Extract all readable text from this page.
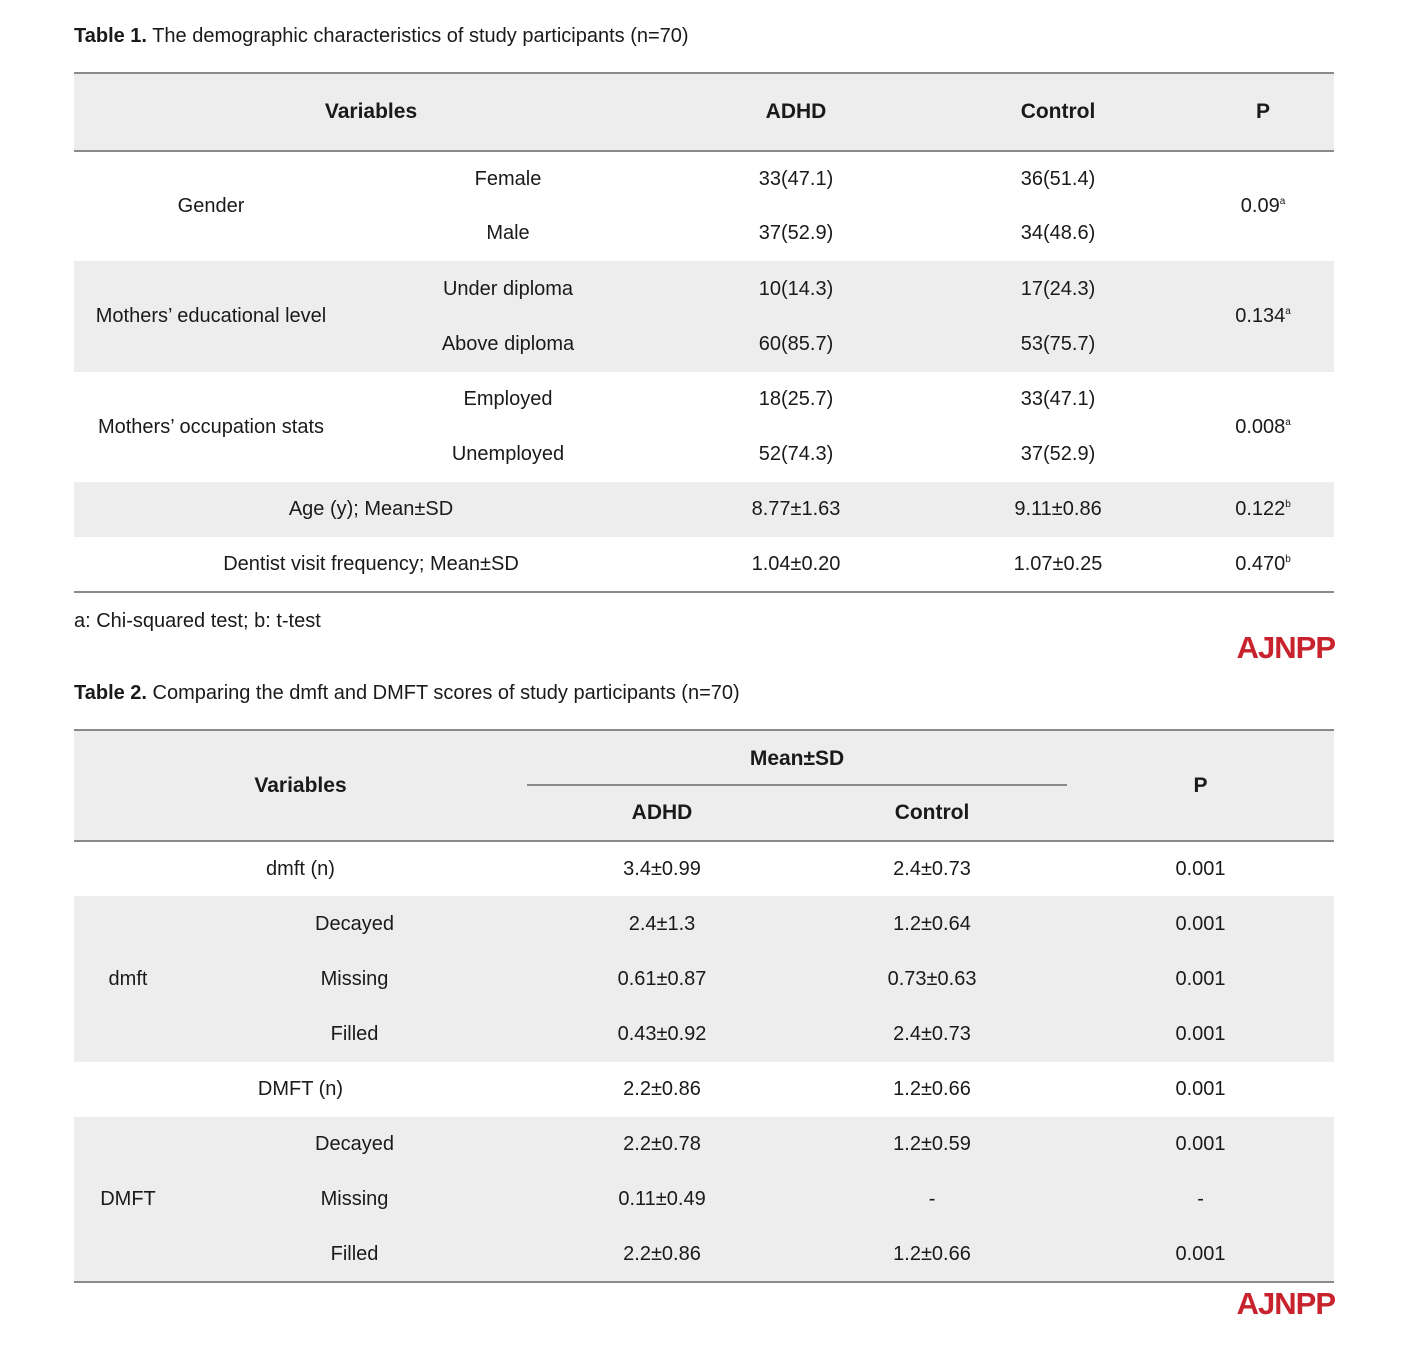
Table 1. The demographic characteristics of study participants (n=70)
Variables		ADHD	Control	P
Gender	Female	33(47.1)	36(51.4)	0.09$^a$
	Male	37(52.9)	34(48.6)	
Mothers’ educational level	Under diploma	10(14.3)	17(24.3)	0.134$^a$
	Above diploma	60(85.7)	53(75.7)	
Mothers’ occupation stats	Employed	18(25.7)	33(47.1)	0.008$^a$
	Unemployed	52(74.3)	37(52.9)	
Age (y); Mean±SD		8.77±1.63	9.11±0.86	0.122$^b$
Dentist visit frequency; Mean±SD		1.04±0.20	1.07±0.25	0.470$^b$
a: Chi-squared test; b: t-test
AJNPP
Table 2. Comparing the dmft and DMFT scores of study participants (n=70)
Variables		Mean±SD		P
		ADHD	Control	
dmft (n)		3.4±0.99	2.4±0.73	0.001
dmft	Decayed	2.4±1.3	1.2±0.64	0.001
	Missing	0.61±0.87	0.73±0.63	0.001
	Filled	0.43±0.92	2.4±0.73	0.001
DMFT (n)		2.2±0.86	1.2±0.66	0.001
DMFT	Decayed	2.2±0.78	1.2±0.59	0.001
	Missing	0.11±0.49	-	-
	Filled	2.2±0.86	1.2±0.66	0.001
AJNPP
